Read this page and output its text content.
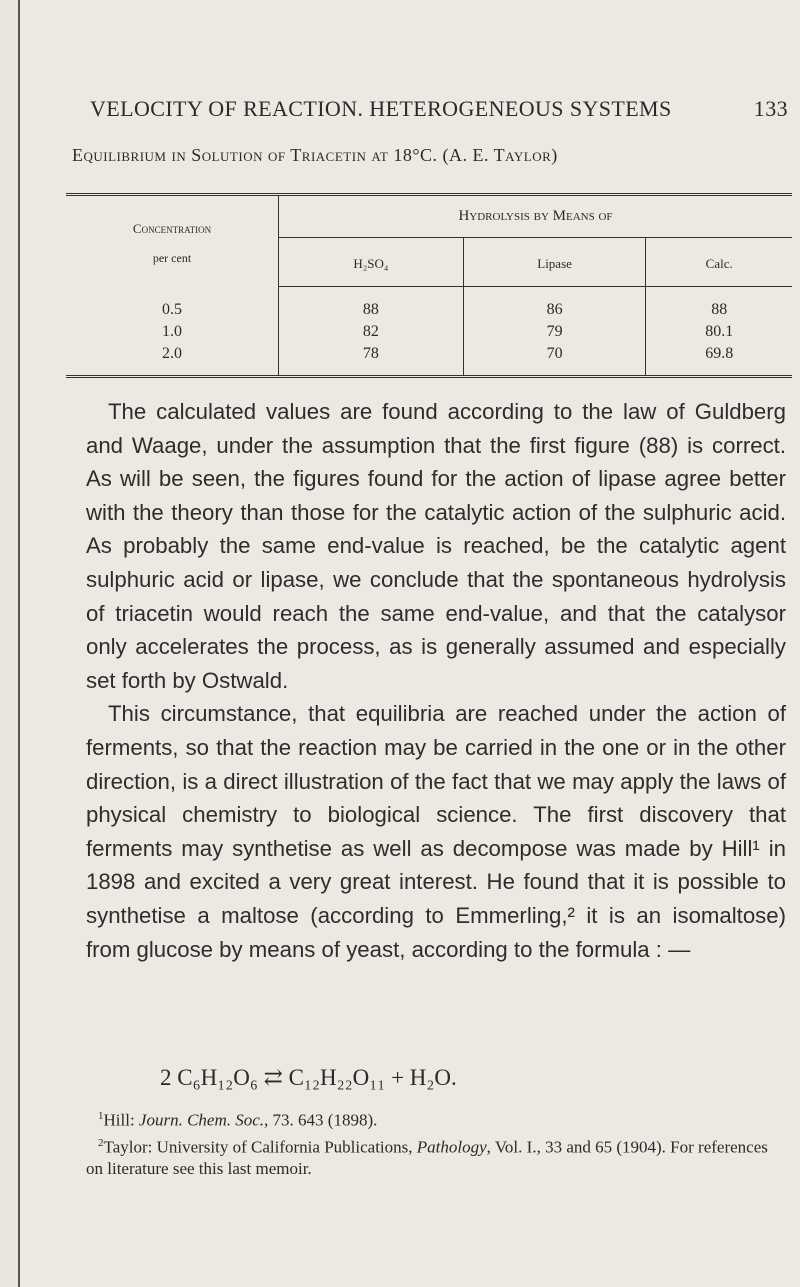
VELOCITY OF REACTION. HETEROGENEOUS SYSTEMS	133
Equilibrium in Solution of Triacetin at 18°C. (A. E. Taylor)
Concentration
per cent	Hydrolysis by Means of		
	H₂SO₄	Lipase	Calc.
0.5	88	86	88
1.0	82	79	80.1
2.0	78	70	69.8

The calculated values are found according to the law of Guldberg and Waage, under the assumption that the first figure (88) is correct. As will be seen, the figures found for the action of lipase agree better with the theory than those for the catalytic action of the sulphuric acid. As probably the same end-value is reached, be the catalytic agent sulphuric acid or lipase, we conclude that the spontaneous hydrolysis of triacetin would reach the same end-value, and that the catalysor only accelerates the process, as is generally assumed and especially set forth by Ostwald.

This circumstance, that equilibria are reached under the action of ferments, so that the reaction may be carried in the one or in the other direction, is a direct illustration of the fact that we may apply the laws of physical chemistry to biological science. The first discovery that ferments may synthetise as well as decompose was made by Hill¹ in 1898 and excited a very great interest. He found that it is possible to synthetise a maltose (according to Emmerling,² it is an isomaltose) from glucose by means of yeast, according to the formula : —

2 C₆H₁₂O₆ ⇄ C₁₂H₂₂O₁₁ + H₂O.

$^1$Hill: Journ. Chem. Soc., 73. 643 (1898).

$^2$Taylor: University of California Publications, Pathology, Vol. I., 33 and 65 (1904). For references on literature see this last memoir.
